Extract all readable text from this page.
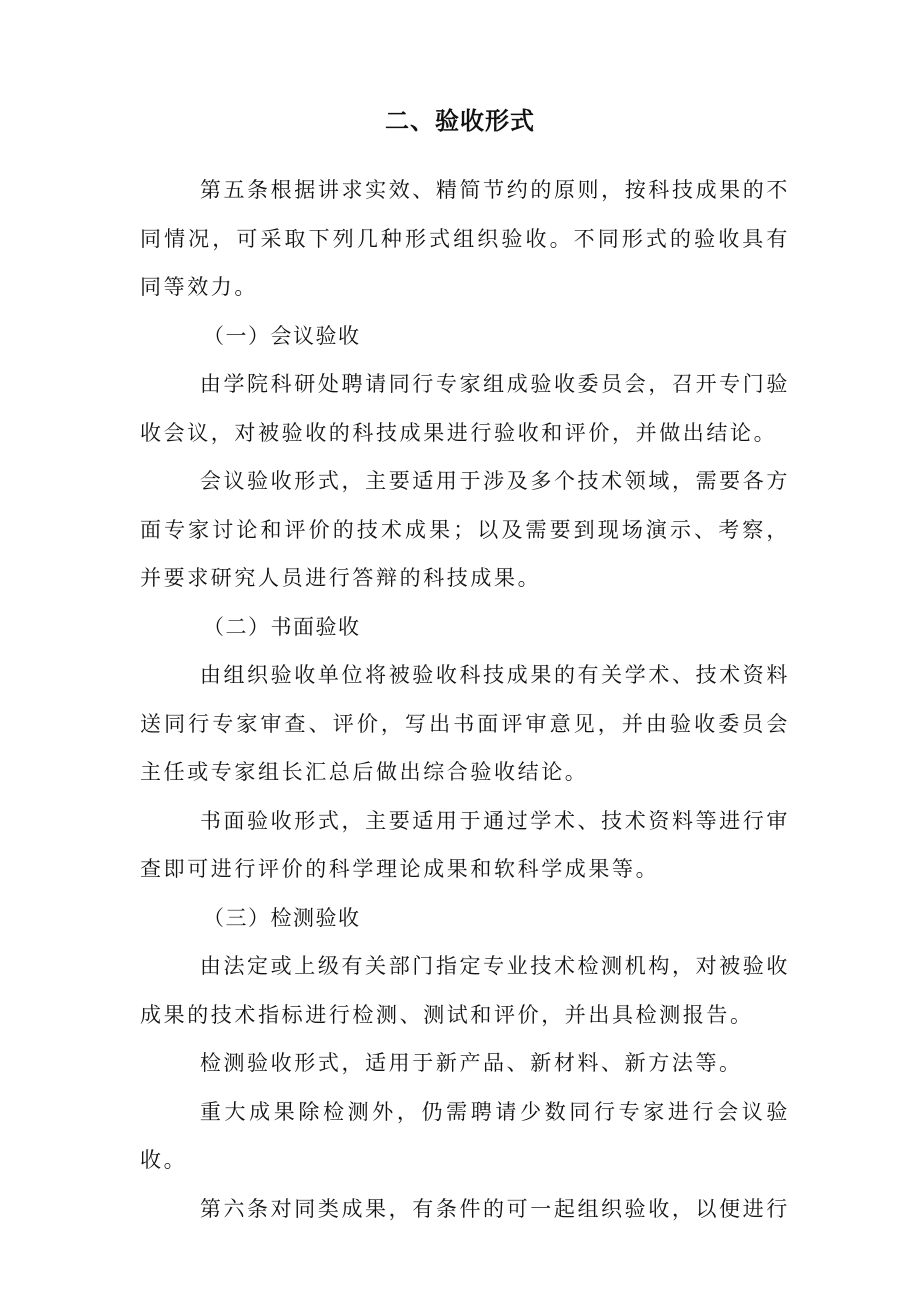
二、验收形式

第五条根据讲求实效、精简节约的原则，按科技成果的不同情况，可采取下列几种形式组织验收。不同形式的验收具有同等效力。

（一）会议验收

由学院科研处聘请同行专家组成验收委员会，召开专门验收会议，对被验收的科技成果进行验收和评价，并做出结论。

会议验收形式，主要适用于涉及多个技术领域，需要各方面专家讨论和评价的技术成果；以及需要到现场演示、考察，并要求研究人员进行答辩的科技成果。

（二）书面验收

由组织验收单位将被验收科技成果的有关学术、技术资料送同行专家审查、评价，写出书面评审意见，并由验收委员会主任或专家组长汇总后做出综合验收结论。

书面验收形式，主要适用于通过学术、技术资料等进行审查即可进行评价的科学理论成果和软科学成果等。

（三）检测验收

由法定或上级有关部门指定专业技术检测机构，对被验收成果的技术指标进行检测、测试和评价，并出具检测报告。

检测验收形式，适用于新产品、新材料、新方法等。

重大成果除检测外，仍需聘请少数同行专家进行会议验收。

第六条对同类成果，有条件的可一起组织验收，以便进行
